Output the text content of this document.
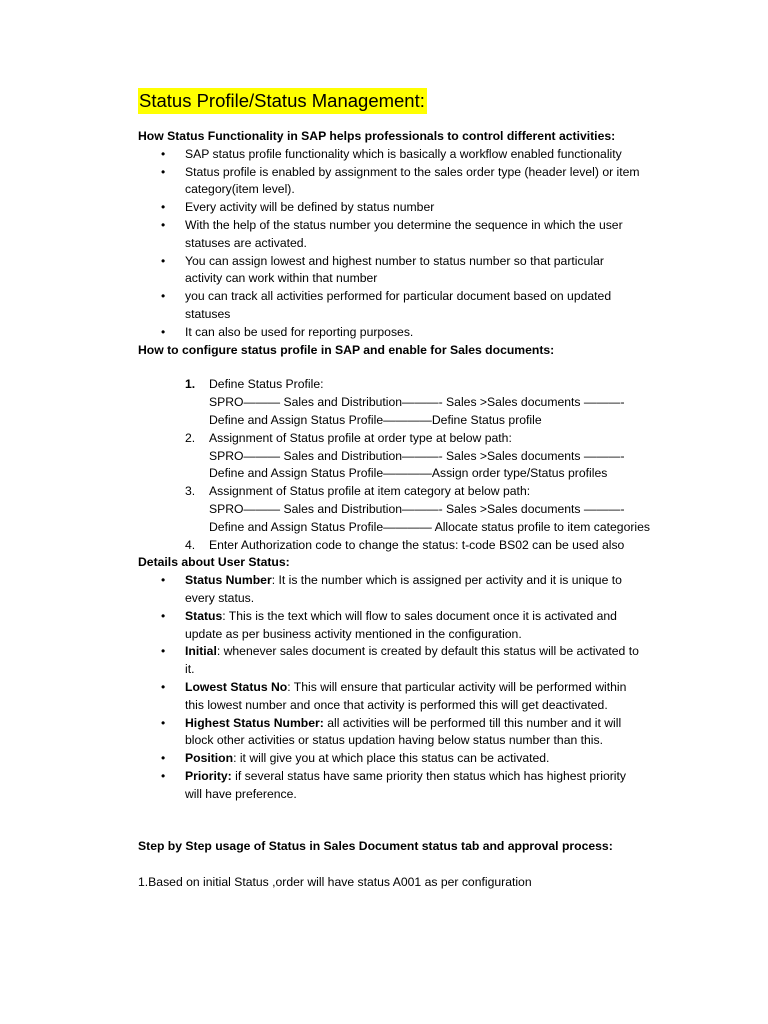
Status Profile/Status Management:

How Status Functionality in SAP helps professionals to control different activities:

• SAP status profile functionality which is basically a workflow enabled functionality
• Status profile is enabled by assignment to the sales order type (header level) or item
category(item level).
• Every activity will be defined by status number
• With the help of the status number you determine the sequence in which the user
statuses are activated.
• You can assign lowest and highest number to status number so that particular
activity can work within that number
• you can track all activities performed for particular document based on updated
statuses
• It can also be used for reporting purposes.

How to configure status profile in SAP and enable for Sales documents:

1. Define Status Profile:
SPRO——— Sales and Distribution———- Sales >Sales documents ———-
Define and Assign Status Profile————Define Status profile
2. Assignment of Status profile at order type at below path:
SPRO——— Sales and Distribution———- Sales >Sales documents ———-
Define and Assign Status Profile————Assign order type/Status profiles
3. Assignment of Status profile at item category at below path:
SPRO——— Sales and Distribution———- Sales >Sales documents ———-
Define and Assign Status Profile———— Allocate status profile to item categories
4. Enter Authorization code to change the status: t-code BS02 can be used also

Details about User Status:

• Status Number: It is the number which is assigned per activity and it is unique to
every status.
• Status: This is the text which will flow to sales document once it is activated and
update as per business activity mentioned in the configuration.
• Initial: whenever sales document is created by default this status will be activated to
it.
• Lowest Status No: This will ensure that particular activity will be performed within
this lowest number and once that activity is performed this will get deactivated.
• Highest Status Number: all activities will be performed till this number and it will
block other activities or status updation having below status number than this.
• Position: it will give you at which place this status can be activated.
• Priority: if several status have same priority then status which has highest priority
will have preference.

Step by Step usage of Status in Sales Document status tab and approval process:

1.Based on initial Status ,order will have status A001 as per configuration
